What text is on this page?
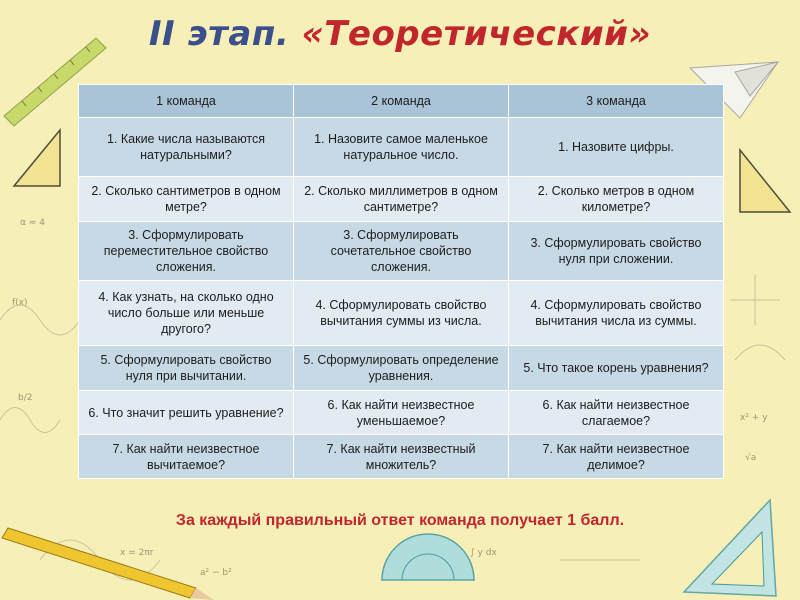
α ≈ 4
f(x)
b/2
x² + y
√a
∫ y dx
x = 2πr
a² − b²
II этап. «Теоретический»
1 команда	2 команда	3 команда
1. Какие числа называются натуральными?	1. Назовите самое маленькое натуральное число.	1. Назовите цифры.
2. Сколько сантиметров в одном метре?	2. Сколько миллиметров в одном сантиметре?	2. Сколько метров в одном километре?
3. Сформулировать переместительное свойство сложения.	3. Сформулировать сочетательное свойство сложения.	3. Сформулировать свойство нуля при сложении.
4. Как узнать, на сколько одно число больше или меньше другого?	4. Сформулировать свойство вычитания суммы из числа.	4. Сформулировать свойство вычитания числа из суммы.
5. Сформулировать свойство нуля при вычитании.	5. Сформулировать определение уравнения.	5. Что такое корень уравнения?
6. Что значит решить уравнение?	6. Как найти неизвестное уменьшаемое?	6. Как найти неизвестное слагаемое?
7. Как найти неизвестное вычитаемое?	7. Как найти неизвестный множитель?	7. Как найти неизвестное делимое?
За каждый правильный ответ команда получает 1 балл.
